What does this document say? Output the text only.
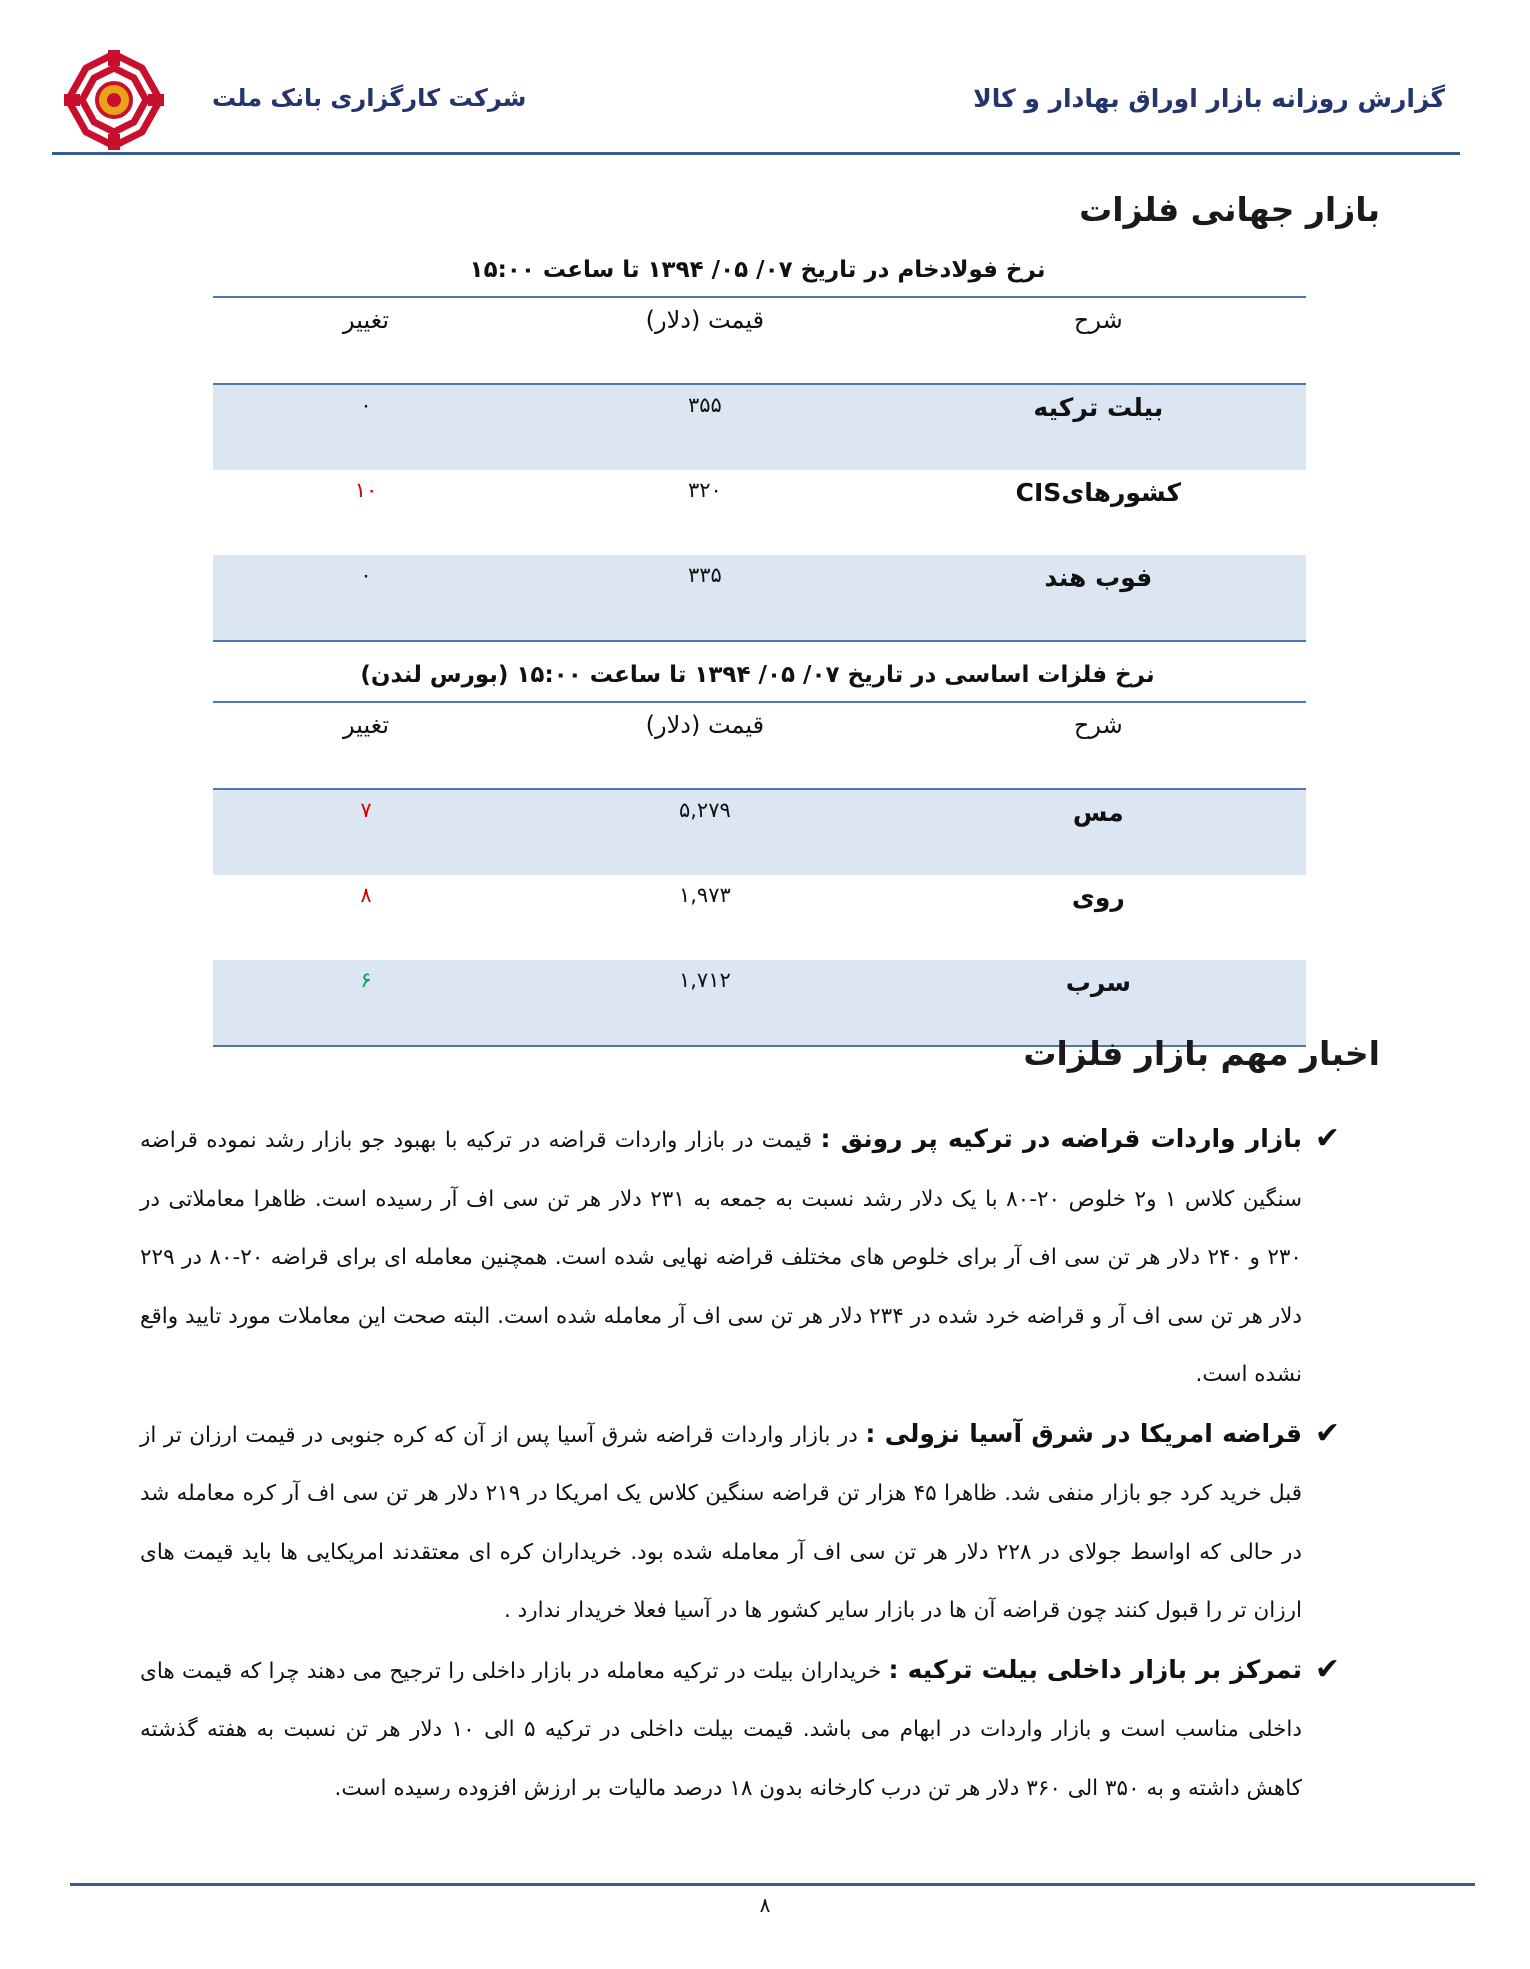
شرکت کارگزاری بانک ملت	گزارش روزانه بازار اوراق بهادار و کالا
بازار جهانی فلزات
نرخ فولادخام در تاریخ ۰۷/ ۰۵/ ۱۳۹۴ تا ساعت ۱۵:۰۰
شرح	قیمت (دلار)	تغییر
بیلت ترکیه	۳۵۵	۰
کشورهایCIS	۳۲۰	۱۰
فوب هند	۳۳۵	۰
نرخ فلزات اساسی در تاریخ ۰۷/ ۰۵/ ۱۳۹۴ تا ساعت ۱۵:۰۰ (بورس لندن)
شرح	قیمت (دلار)	تغییر
مس	۵,۲۷۹	۷
روی	۱,۹۷۳	۸
سرب	۱,۷۱۲	۶
اخبار مهم بازار فلزات
✔
بازار واردات قراضه در ترکیه پر رونق : قیمت در بازار واردات قراضه در ترکیه با بهبود جو بازار رشد نموده قراضه سنگین کلاس ۱ و۲ خلوص ۲۰-۸۰ با یک دلار رشد نسبت به جمعه به ۲۳۱ دلار هر تن سی اف آر رسیده است. ظاهرا معاملاتی در ۲۳۰ و ۲۴۰ دلار هر تن سی اف آر برای خلوص های مختلف قراضه نهایی شده است. همچنین معامله ای برای قراضه ۲۰-۸۰ در ۲۲۹ دلار هر تن سی اف آر و قراضه خرد شده در ۲۳۴ دلار هر تن سی اف آر معامله شده است. البته صحت این معاملات مورد تایید واقع نشده است.
✔
قراضه امریکا در شرق آسیا نزولی : در بازار واردات قراضه شرق آسیا پس از آن که کره جنوبی در قیمت ارزان تر از قبل خرید کرد جو بازار منفی شد. ظاهرا ۴۵ هزار تن قراضه سنگین کلاس یک امریکا در ۲۱۹ دلار هر تن سی اف آر کره معامله شد در حالی که اواسط جولای در ۲۲۸ دلار هر تن سی اف آر معامله شده بود. خریداران کره ای معتقدند امریکایی ها باید قیمت های ارزان تر را قبول کنند چون قراضه آن ها در بازار سایر کشور ها در آسیا فعلا خریدار ندارد .
✔
تمرکز بر بازار داخلی بیلت ترکیه : خریداران بیلت در ترکیه معامله در بازار داخلی را ترجیح می دهند چرا که قیمت های داخلی مناسب است و بازار واردات در ابهام می باشد. قیمت بیلت داخلی در ترکیه ۵ الی ۱۰ دلار هر تن نسبت به هفته گذشته کاهش داشته و به ۳۵۰ الی ۳۶۰ دلار هر تن درب کارخانه بدون ۱۸ درصد مالیات بر ارزش افزوده رسیده است.
۸
